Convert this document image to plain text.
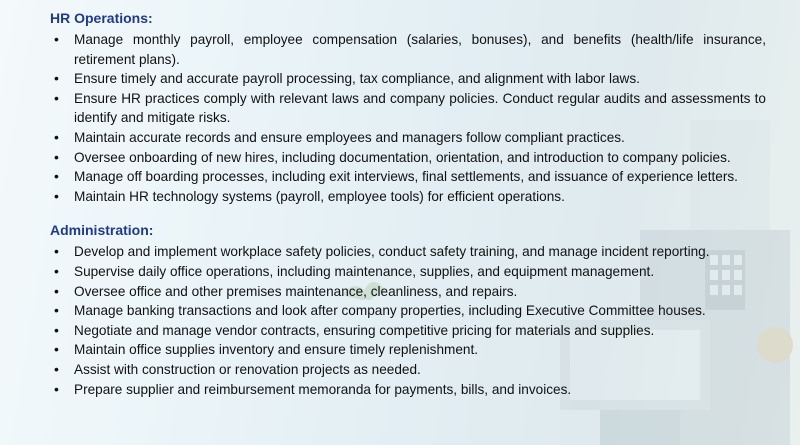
HR Operations:
• Manage monthly payroll, employee compensation (salaries, bonuses), and benefits (health/life insurance, retirement plans).
• Ensure timely and accurate payroll processing, tax compliance, and alignment with labor laws.
• Ensure HR practices comply with relevant laws and company policies. Conduct regular audits and assessments to identify and mitigate risks.
• Maintain accurate records and ensure employees and managers follow compliant practices.
• Oversee onboarding of new hires, including documentation, orientation, and introduction to company policies.
• Manage off boarding processes, including exit interviews, final settlements, and issuance of experience letters.
• Maintain HR technology systems (payroll, employee tools) for efficient operations.
Administration:
• Develop and implement workplace safety policies, conduct safety training, and manage incident reporting.
• Supervise daily office operations, including maintenance, supplies, and equipment management.
• Oversee office and other premises maintenance, cleanliness, and repairs.
• Manage banking transactions and look after company properties, including Executive Committee houses.
• Negotiate and manage vendor contracts, ensuring competitive pricing for materials and supplies.
• Maintain office supplies inventory and ensure timely replenishment.
• Assist with construction or renovation projects as needed.
• Prepare supplier and reimbursement memoranda for payments, bills, and invoices.
